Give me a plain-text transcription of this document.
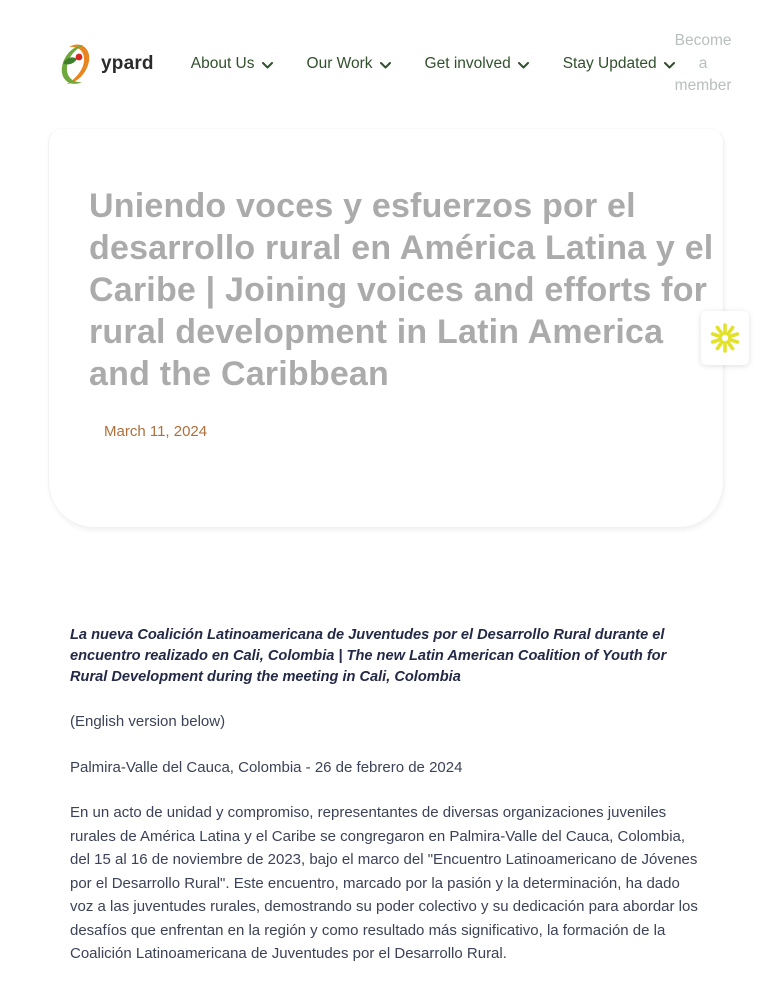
ypard About Us	Our Work	Get involved	Stay Updated
Become a member
Uniendo voces y esfuerzos por el desarrollo rural en América Latina y el Caribe | Joining voices and efforts for rural development in Latin America and the Caribbean
March 11, 2024

La nueva Coalición Latinoamericana de Juventudes por el Desarrollo Rural durante el encuentro realizado en Cali, Colombia | The new Latin American Coalition of Youth for Rural Development during the meeting in Cali, Colombia

(English version below)

Palmira-Valle del Cauca, Colombia - 26 de febrero de 2024

En un acto de unidad y compromiso, representantes de diversas organizaciones juveniles rurales de América Latina y el Caribe se congregaron en Palmira-Valle del Cauca, Colombia, del 15 al 16 de noviembre de 2023, bajo el marco del "Encuentro Latinoamericano de Jóvenes por el Desarrollo Rural". Este encuentro, marcado por la pasión y la determinación, ha dado voz a las juventudes rurales, demostrando su poder colectivo y su dedicación para abordar los desafíos que enfrentan en la región y como resultado más significativo, la formación de la Coalición Latinoamericana de Juventudes por el Desarrollo Rural.
